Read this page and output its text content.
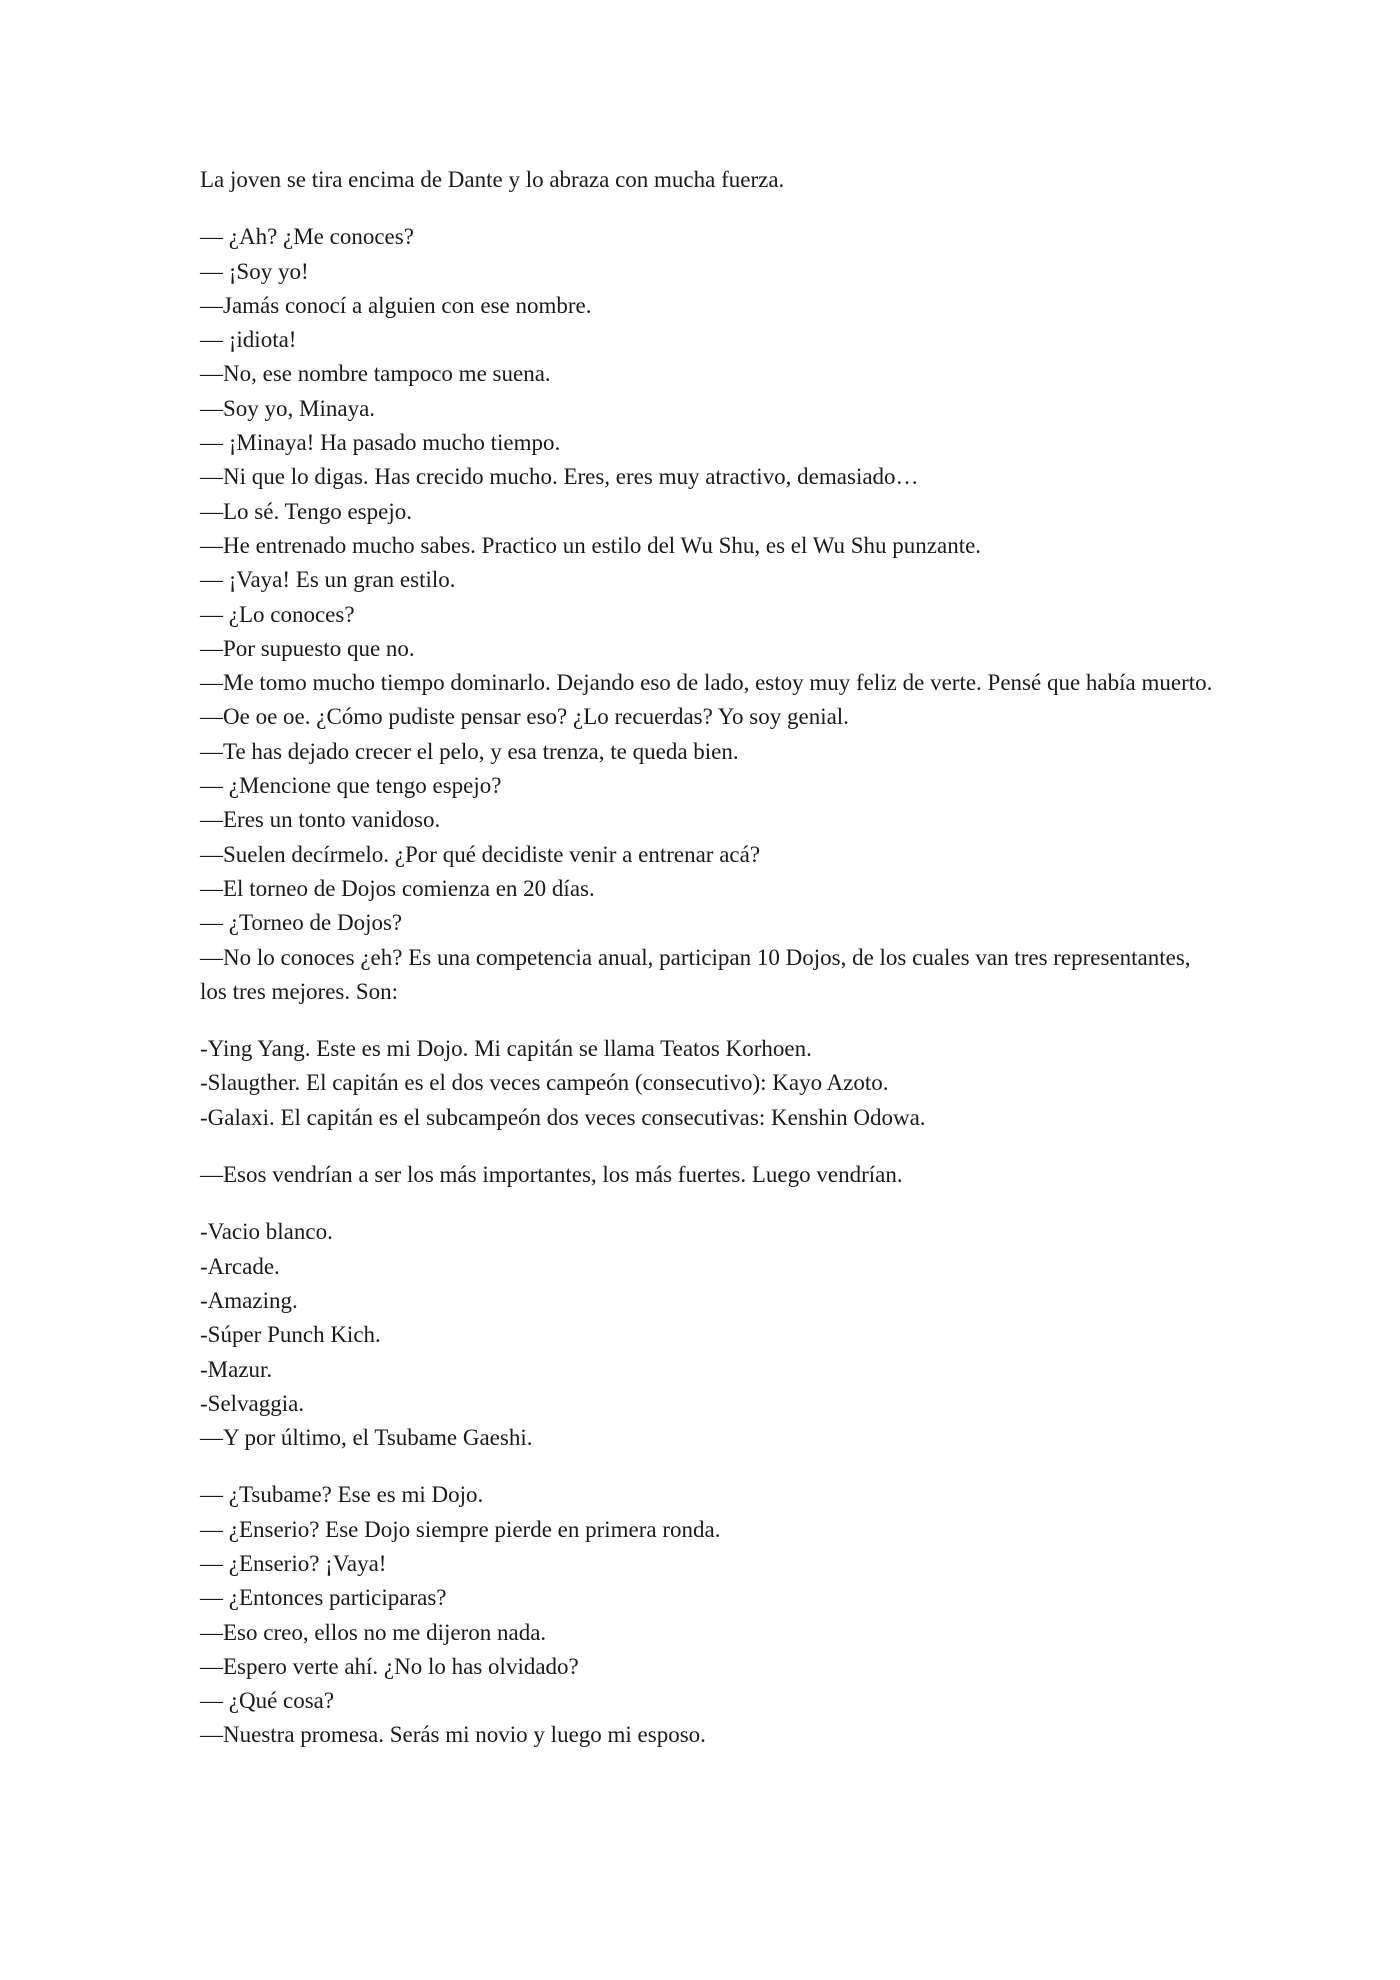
La joven se tira encima de Dante y lo abraza con mucha fuerza.
— ¿Ah? ¿Me conoces?
— ¡Soy yo!
—Jamás conocí a alguien con ese nombre.
— ¡idiota!
—No, ese nombre tampoco me suena.
—Soy yo, Minaya.
— ¡Minaya! Ha pasado mucho tiempo.
—Ni que lo digas. Has crecido mucho. Eres, eres muy atractivo, demasiado…
—Lo sé. Tengo espejo.
—He entrenado mucho sabes. Practico un estilo del Wu Shu, es el Wu Shu punzante.
— ¡Vaya! Es un gran estilo.
— ¿Lo conoces?
—Por supuesto que no.
—Me tomo mucho tiempo dominarlo. Dejando eso de lado, estoy muy feliz de verte. Pensé que había muerto.
—Oe oe oe. ¿Cómo pudiste pensar eso? ¿Lo recuerdas? Yo soy genial.
—Te has dejado crecer el pelo, y esa trenza, te queda bien.
— ¿Mencione que tengo espejo?
—Eres un tonto vanidoso.
—Suelen decírmelo. ¿Por qué decidiste venir a entrenar acá?
—El torneo de Dojos comienza en 20 días.
— ¿Torneo de Dojos?
—No lo conoces ¿eh? Es una competencia anual, participan 10 Dojos, de los cuales van tres representantes, los tres mejores. Son:
-Ying Yang. Este es mi Dojo. Mi capitán se llama Teatos Korhoen.
-Slaugther. El capitán es el dos veces campeón (consecutivo): Kayo Azoto.
-Galaxi. El capitán es el subcampeón dos veces consecutivas: Kenshin Odowa.
—Esos vendrían a ser los más importantes, los más fuertes. Luego vendrían.
-Vacio blanco.
-Arcade.
-Amazing.
-Súper Punch Kich.
-Mazur.
-Selvaggia.
—Y por último, el Tsubame Gaeshi.
— ¿Tsubame? Ese es mi Dojo.
— ¿Enserio? Ese Dojo siempre pierde en primera ronda.
— ¿Enserio? ¡Vaya!
— ¿Entonces participaras?
—Eso creo, ellos no me dijeron nada.
—Espero verte ahí. ¿No lo has olvidado?
— ¿Qué cosa?
—Nuestra promesa. Serás mi novio y luego mi esposo.
